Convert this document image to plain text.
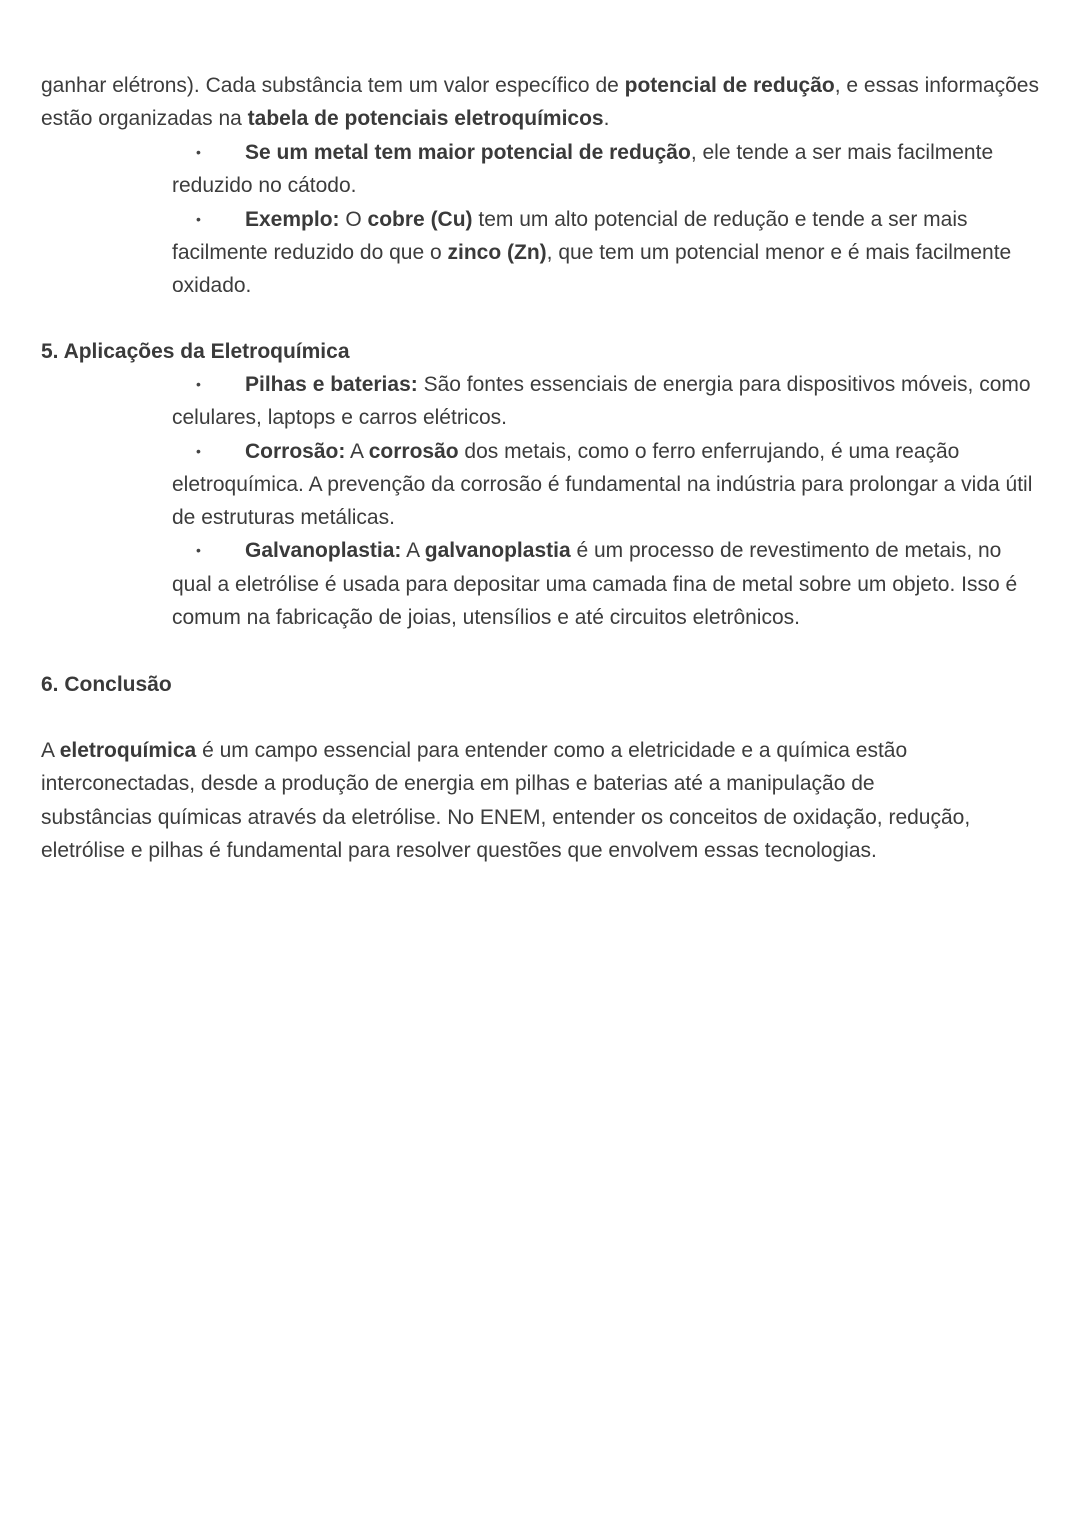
ganhar elétrons). Cada substância tem um valor específico de potencial de redução, e essas informações estão organizadas na tabela de potenciais eletroquímicos.

• Se um metal tem maior potencial de redução, ele tende a ser mais facilmente reduzido no cátodo.
• Exemplo: O cobre (Cu) tem um alto potencial de redução e tende a ser mais facilmente reduzido do que o zinco (Zn), que tem um potencial menor e é mais facilmente oxidado.
5. Aplicações da Eletroquímica
• Pilhas e baterias: São fontes essenciais de energia para dispositivos móveis, como celulares, laptops e carros elétricos.
• Corrosão: A corrosão dos metais, como o ferro enferrujando, é uma reação eletroquímica. A prevenção da corrosão é fundamental na indústria para prolongar a vida útil de estruturas metálicas.
• Galvanoplastia: A galvanoplastia é um processo de revestimento de metais, no qual a eletrólise é usada para depositar uma camada fina de metal sobre um objeto. Isso é comum na fabricação de joias, utensílios e até circuitos eletrônicos.
6. Conclusão

A eletroquímica é um campo essencial para entender como a eletricidade e a química estão interconectadas, desde a produção de energia em pilhas e baterias até a manipulação de substâncias químicas através da eletrólise. No ENEM, entender os conceitos de oxidação, redução, eletrólise e pilhas é fundamental para resolver questões que envolvem essas tecnologias.
